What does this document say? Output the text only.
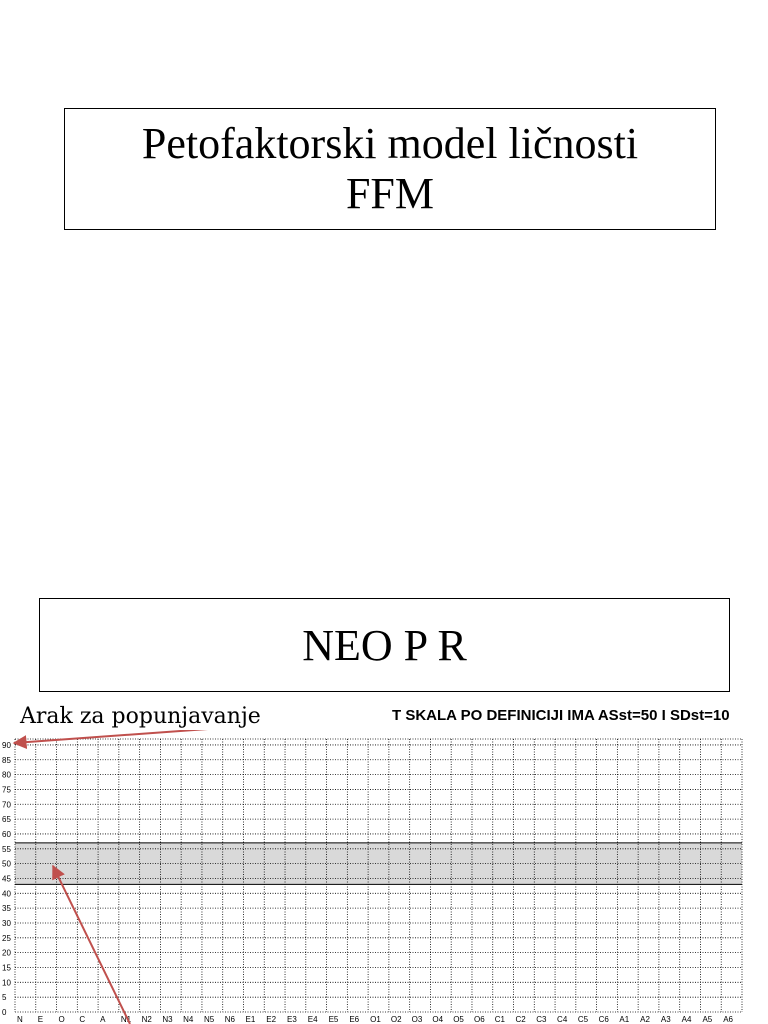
Petofaktorski model ličnosti
FFM
NEO P R
Arak za popunjavanje	T SKALA PO DEFINICIJI IMA ASst=50 I SDst=10
0
5
10
15
20
25
30
35
40
45
50
55
60
65
70
75
80
85
90
N E O C A N1 N2 N3 N4 N5 N6 E1 E2 E3 E4 E5 E6 O1 O2 O3 O4 O5 O6 C1 C2 C3 C4 C5 C6 A1 A2 A3 A4 A5 A6
